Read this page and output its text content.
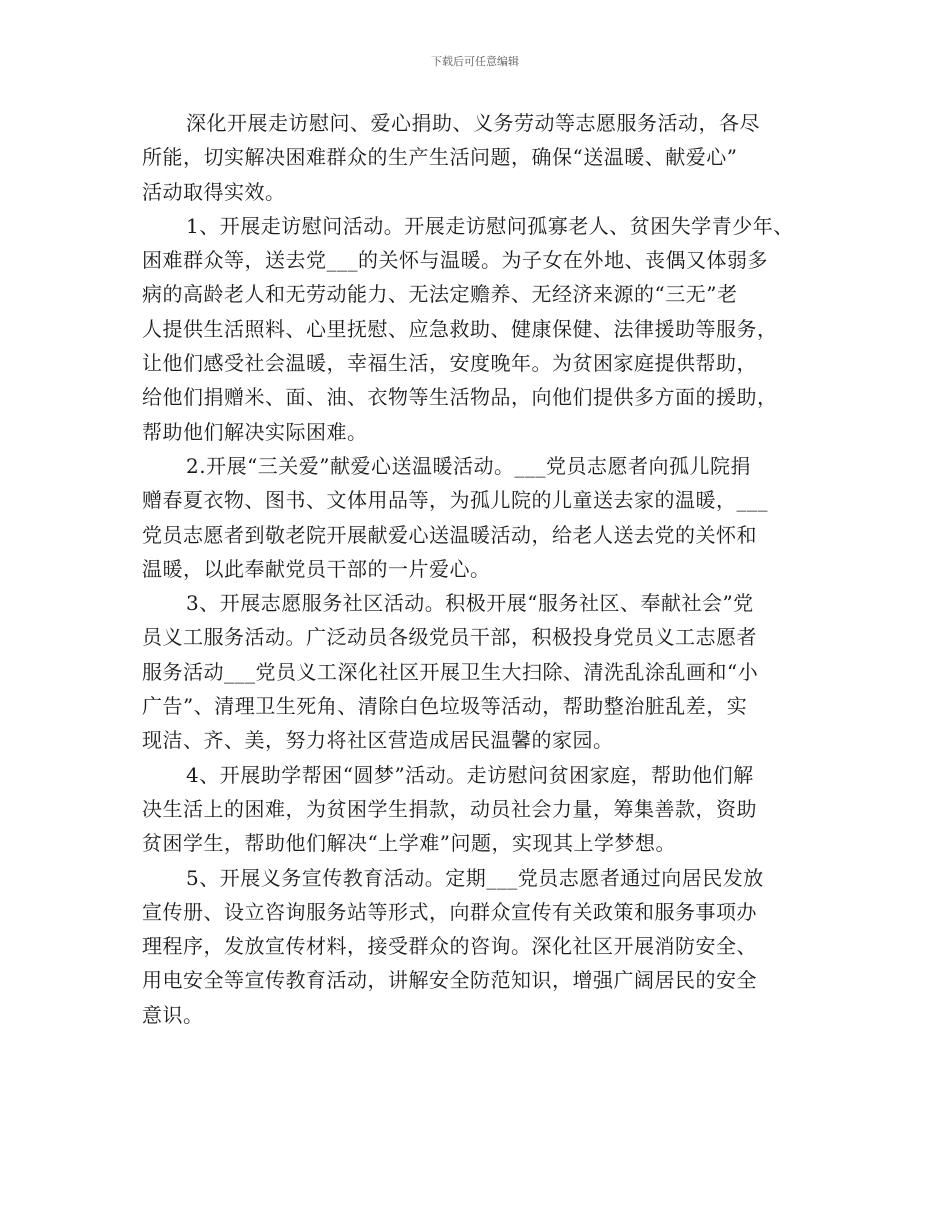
下载后可任意编辑
深化开展走访慰问、爱心捐助、义务劳动等志愿服务活动，各尽
所能，切实解决困难群众的生产生活问题，确保“送温暖、献爱心”
活动取得实效。
1、开展走访慰问活动。开展走访慰问孤寡老人、贫困失学青少年、
困难群众等，送去党___的关怀与温暖。为子女在外地、丧偶又体弱多
病的高龄老人和无劳动能力、无法定赡养、无经济来源的“三无”老
人提供生活照料、心里抚慰、应急救助、健康保健、法律援助等服务，
让他们感受社会温暖，幸福生活，安度晚年。为贫困家庭提供帮助，
给他们捐赠米、面、油、衣物等生活物品，向他们提供多方面的援助，
帮助他们解决实际困难。
2.开展“三关爱”献爱心送温暖活动。___党员志愿者向孤儿院捐
赠春夏衣物、图书、文体用品等，为孤儿院的儿童送去家的温暖，___
党员志愿者到敬老院开展献爱心送温暖活动，给老人送去党的关怀和
温暖，以此奉献党员干部的一片爱心。
3、开展志愿服务社区活动。积极开展“服务社区、奉献社会”党
员义工服务活动。广泛动员各级党员干部，积极投身党员义工志愿者
服务活动___党员义工深化社区开展卫生大扫除、清洗乱涂乱画和“小
广告”、清理卫生死角、清除白色垃圾等活动，帮助整治脏乱差，实
现洁、齐、美，努力将社区营造成居民温馨的家园。
4、开展助学帮困“圆梦”活动。走访慰问贫困家庭，帮助他们解
决生活上的困难，为贫困学生捐款，动员社会力量，筹集善款，资助
贫困学生，帮助他们解决“上学难”问题，实现其上学梦想。
5、开展义务宣传教育活动。定期___党员志愿者通过向居民发放
宣传册、设立咨询服务站等形式，向群众宣传有关政策和服务事项办
理程序，发放宣传材料，接受群众的咨询。深化社区开展消防安全、
用电安全等宣传教育活动，讲解安全防范知识，增强广阔居民的安全
意识。
